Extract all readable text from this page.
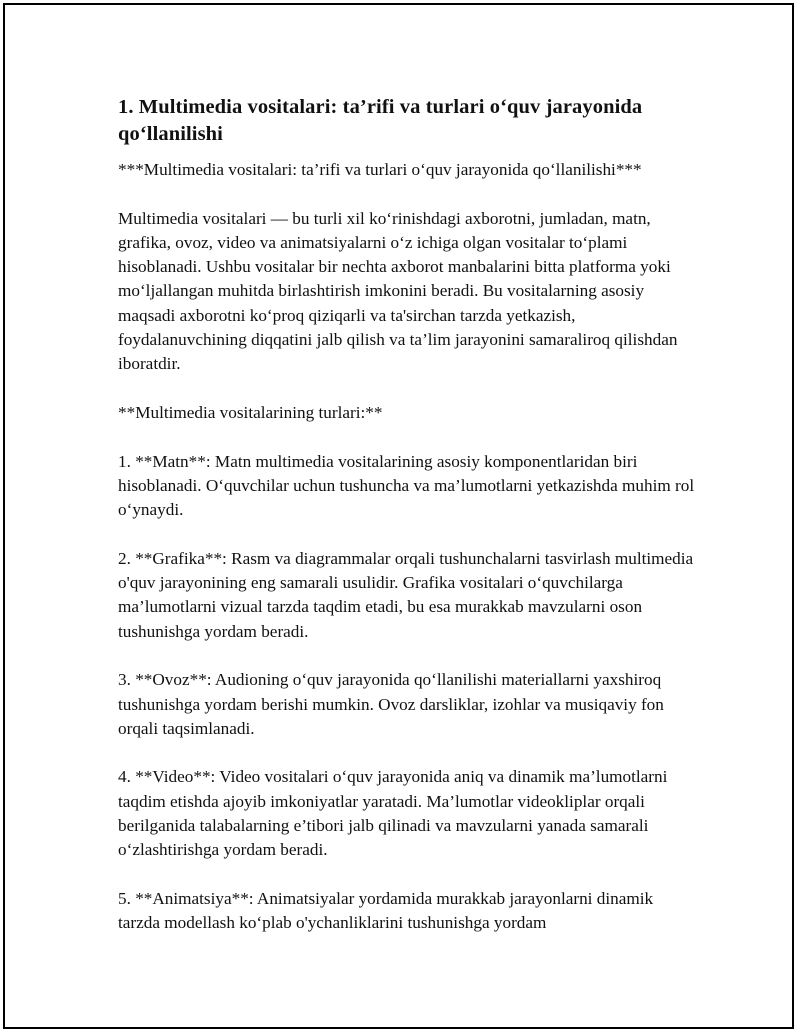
1. Multimedia vositalari: ta’rifi va turlari o‘quv jarayonida qo‘llanilishi

***Multimedia vositalari: ta’rifi va turlari o‘quv jarayonida qo‘llanilishi***

Multimedia vositalari — bu turli xil ko‘rinishdagi axborotni, jumladan, matn, grafika, ovoz, video va animatsiyalarni o‘z ichiga olgan vositalar to‘plami hisoblanadi. Ushbu vositalar bir nechta axborot manbalarini bitta platforma yoki mo‘ljallangan muhitda birlashtirish imkonini beradi. Bu vositalarning asosiy maqsadi axborotni ko‘proq qiziqarli va ta'sirchan tarzda yetkazish, foydalanuvchining diqqatini jalb qilish va ta’lim jarayonini samaraliroq qilishdan iboratdir.

**Multimedia vositalarining turlari:**

1. **Matn**: Matn multimedia vositalarining asosiy komponentlaridan biri hisoblanadi. O‘quvchilar uchun tushuncha va ma’lumotlarni yetkazishda muhim rol o‘ynaydi.

2. **Grafika**: Rasm va diagrammalar orqali tushunchalarni tasvirlash multimedia o'quv jarayonining eng samarali usulidir. Grafika vositalari o‘quvchilarga ma’lumotlarni vizual tarzda taqdim etadi, bu esa murakkab mavzularni oson tushunishga yordam beradi.

3. **Ovoz**: Audioning o‘quv jarayonida qo‘llanilishi materiallarni yaxshiroq tushunishga yordam berishi mumkin. Ovoz darsliklar, izohlar va musiqaviy fon orqali taqsimlanadi.

4. **Video**: Video vositalari o‘quv jarayonida aniq va dinamik ma’lumotlarni taqdim etishda ajoyib imkoniyatlar yaratadi. Ma’lumotlar videokliplar orqali berilganida talabalarning e’tibori jalb qilinadi va mavzularni yanada samarali o‘zlashtirishga yordam beradi.

5. **Animatsiya**: Animatsiyalar yordamida murakkab jarayonlarni dinamik tarzda modellash ko‘plab o'ychanliklarini tushunishga yordam
